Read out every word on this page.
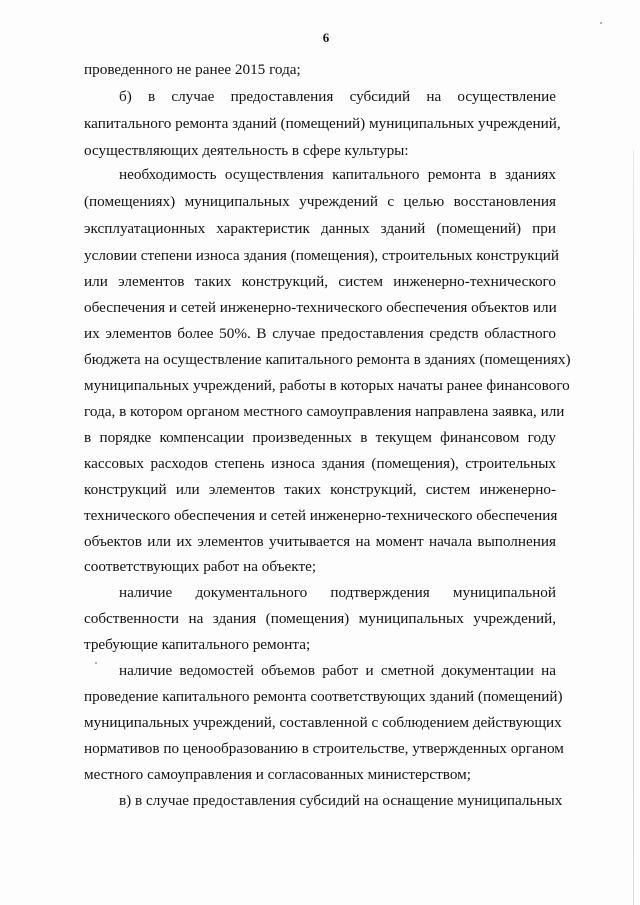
6
проведенного не ранее 2015 года;
б) в случае предоставления субсидий на осуществление
капитального ремонта зданий (помещений) муниципальных учреждений,
осуществляющих деятельность в сфере культуры:
необходимость осуществления капитального ремонта в зданиях
(помещениях) муниципальных учреждений с целью восстановления
эксплуатационных характеристик данных зданий (помещений) при
условии степени износа здания (помещения), строительных конструкций
или элементов таких конструкций, систем инженерно-технического
обеспечения и сетей инженерно-технического обеспечения объектов или
их элементов более 50%. В случае предоставления средств областного
бюджета на осуществление капитального ремонта в зданиях (помещениях)
муниципальных учреждений, работы в которых начаты ранее финансового
года, в котором органом местного самоуправления направлена заявка, или
в порядке компенсации произведенных в текущем финансовом году
кассовых расходов степень износа здания (помещения), строительных
конструкций или элементов таких конструкций, систем инженерно-
технического обеспечения и сетей инженерно-технического обеспечения
объектов или их элементов учитывается на момент начала выполнения
соответствующих работ на объекте;
наличие документального подтверждения муниципальной
собственности на здания (помещения) муниципальных учреждений,
требующие капитального ремонта;
наличие ведомостей объемов работ и сметной документации на
проведение капитального ремонта соответствующих зданий (помещений)
муниципальных учреждений, составленной с соблюдением действующих
нормативов по ценообразованию в строительстве, утвержденных органом
местного самоуправления и согласованных министерством;
в) в случае предоставления субсидий на оснащение муниципальных
